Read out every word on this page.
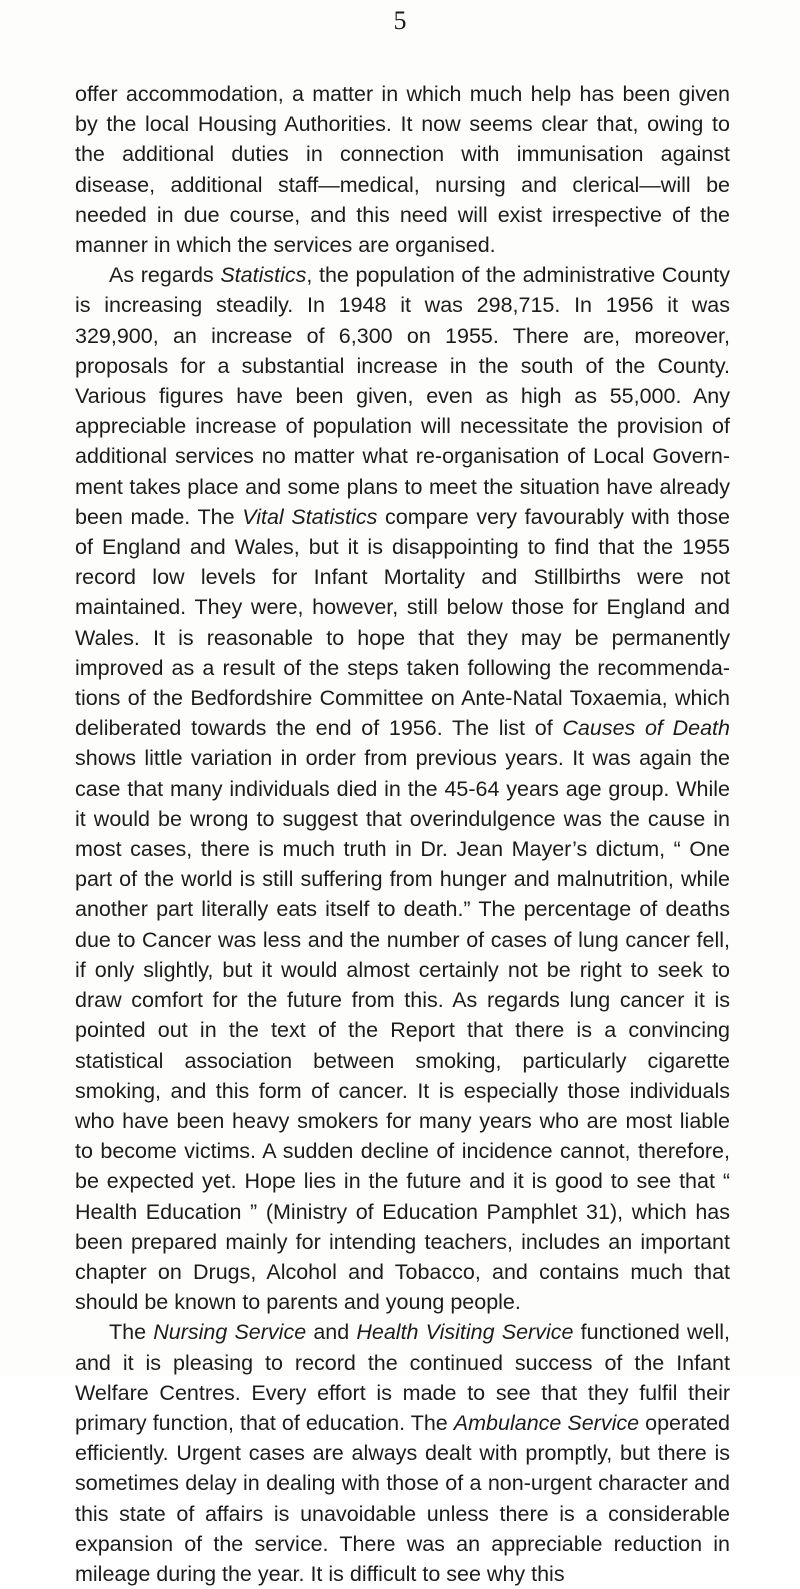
5

offer accommodation, a matter in which much help has been given by the local Housing Authorities. It now seems clear that, owing to the additional duties in connection with immunisation against disease, additional staff—medical, nursing and clerical—will be needed in due course, and this need will exist irrespective of the manner in which the services are organised.

As regards Statistics, the population of the administrative County is increasing steadily. In 1948 it was 298,715. In 1956 it was 329,900, an increase of 6,300 on 1955. There are, moreover, proposals for a substantial increase in the south of the County. Various figures have been given, even as high as 55,000. Any appreciable increase of population will necessitate the provision of additional services no matter what re-organisation of Local Govern-ment takes place and some plans to meet the situation have already been made. The Vital Statistics compare very favourably with those of England and Wales, but it is disappointing to find that the 1955 record low levels for Infant Mortality and Stillbirths were not maintained. They were, however, still below those for England and Wales. It is reasonable to hope that they may be permanently improved as a result of the steps taken following the recommenda-tions of the Bedfordshire Committee on Ante-Natal Toxaemia, which deliberated towards the end of 1956. The list of Causes of Death shows little variation in order from previous years. It was again the case that many individuals died in the 45-64 years age group. While it would be wrong to suggest that overindulgence was the cause in most cases, there is much truth in Dr. Jean Mayer’s dictum, “ One part of the world is still suffering from hunger and malnutrition, while another part literally eats itself to death.” The percentage of deaths due to Cancer was less and the number of cases of lung cancer fell, if only slightly, but it would almost certainly not be right to seek to draw comfort for the future from this. As regards lung cancer it is pointed out in the text of the Report that there is a convincing statistical association between smoking, particularly cigarette smoking, and this form of cancer. It is especially those individuals who have been heavy smokers for many years who are most liable to become victims. A sudden decline of incidence cannot, therefore, be expected yet. Hope lies in the future and it is good to see that “ Health Education ” (Ministry of Education Pamphlet 31), which has been prepared mainly for intending teachers, includes an important chapter on Drugs, Alcohol and Tobacco, and contains much that should be known to parents and young people.

The Nursing Service and Health Visiting Service functioned well, and it is pleasing to record the continued success of the Infant Welfare Centres. Every effort is made to see that they fulfil their primary function, that of education. The Ambulance Service operated efficiently. Urgent cases are always dealt with promptly, but there is sometimes delay in dealing with those of a non-urgent character and this state of affairs is unavoidable unless there is a considerable expansion of the service. There was an appreciable reduction in mileage during the year. It is difficult to see why this
